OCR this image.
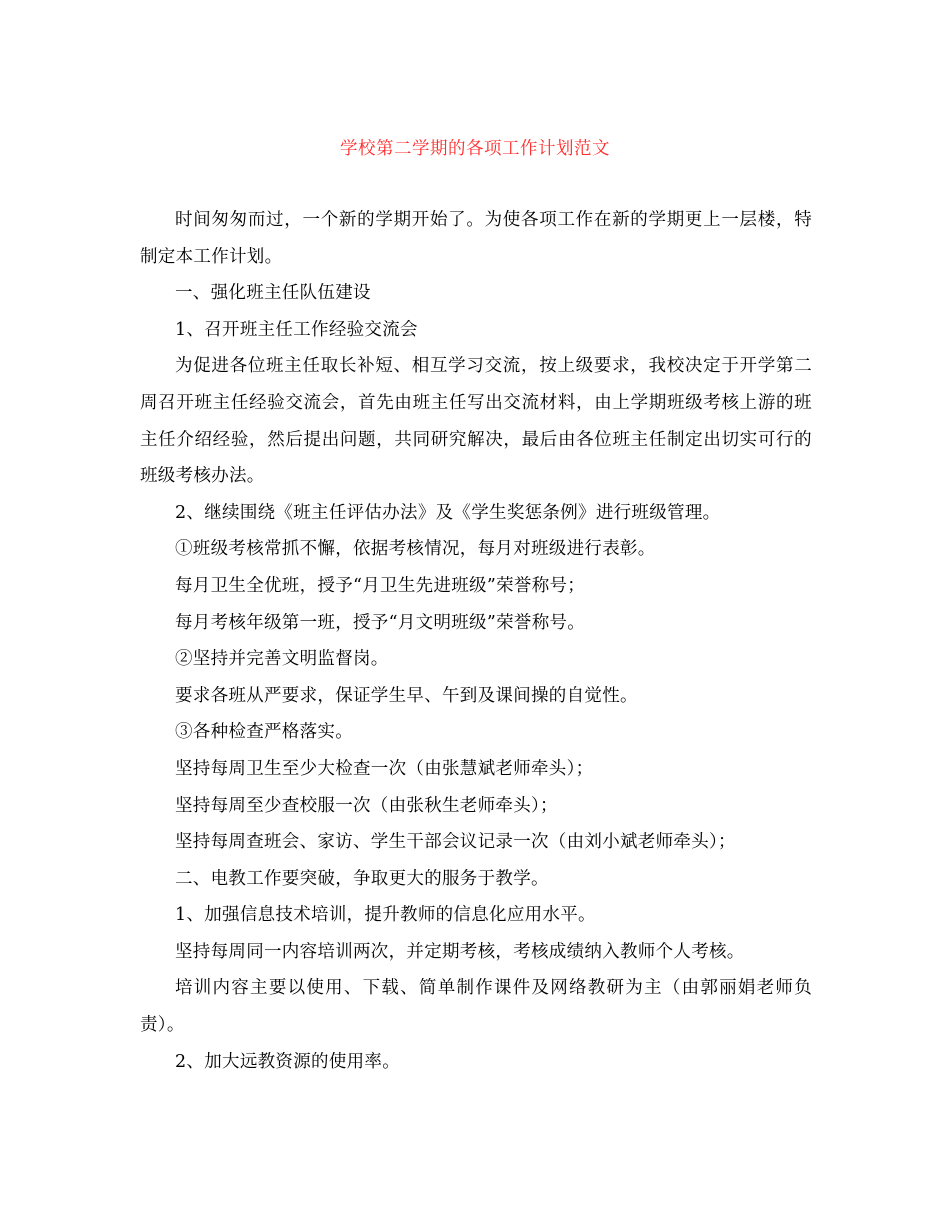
学校第二学期的各项工作计划范文

时间匆匆而过，一个新的学期开始了。为使各项工作在新的学期更上一层楼，特制定本工作计划。

一、强化班主任队伍建设

1、召开班主任工作经验交流会

为促进各位班主任取长补短、相互学习交流，按上级要求，我校决定于开学第二周召开班主任经验交流会，首先由班主任写出交流材料，由上学期班级考核上游的班主任介绍经验，然后提出问题，共同研究解决，最后由各位班主任制定出切实可行的班级考核办法。

2、继续围绕《班主任评估办法》及《学生奖惩条例》进行班级管理。

①班级考核常抓不懈，依据考核情况，每月对班级进行表彰。

每月卫生全优班，授予“月卫生先进班级”荣誉称号；

每月考核年级第一班，授予“月文明班级”荣誉称号。

②坚持并完善文明监督岗。

要求各班从严要求，保证学生早、午到及课间操的自觉性。

③各种检查严格落实。

坚持每周卫生至少大检查一次（由张慧斌老师牵头）；

坚持每周至少查校服一次（由张秋生老师牵头）；

坚持每周查班会、家访、学生干部会议记录一次（由刘小斌老师牵头）；

二、电教工作要突破，争取更大的服务于教学。

1、加强信息技术培训，提升教师的信息化应用水平。

坚持每周同一内容培训两次，并定期考核，考核成绩纳入教师个人考核。

培训内容主要以使用、下载、简单制作课件及网络教研为主（由郭丽娟老师负责）。

2、加大远教资源的使用率。
